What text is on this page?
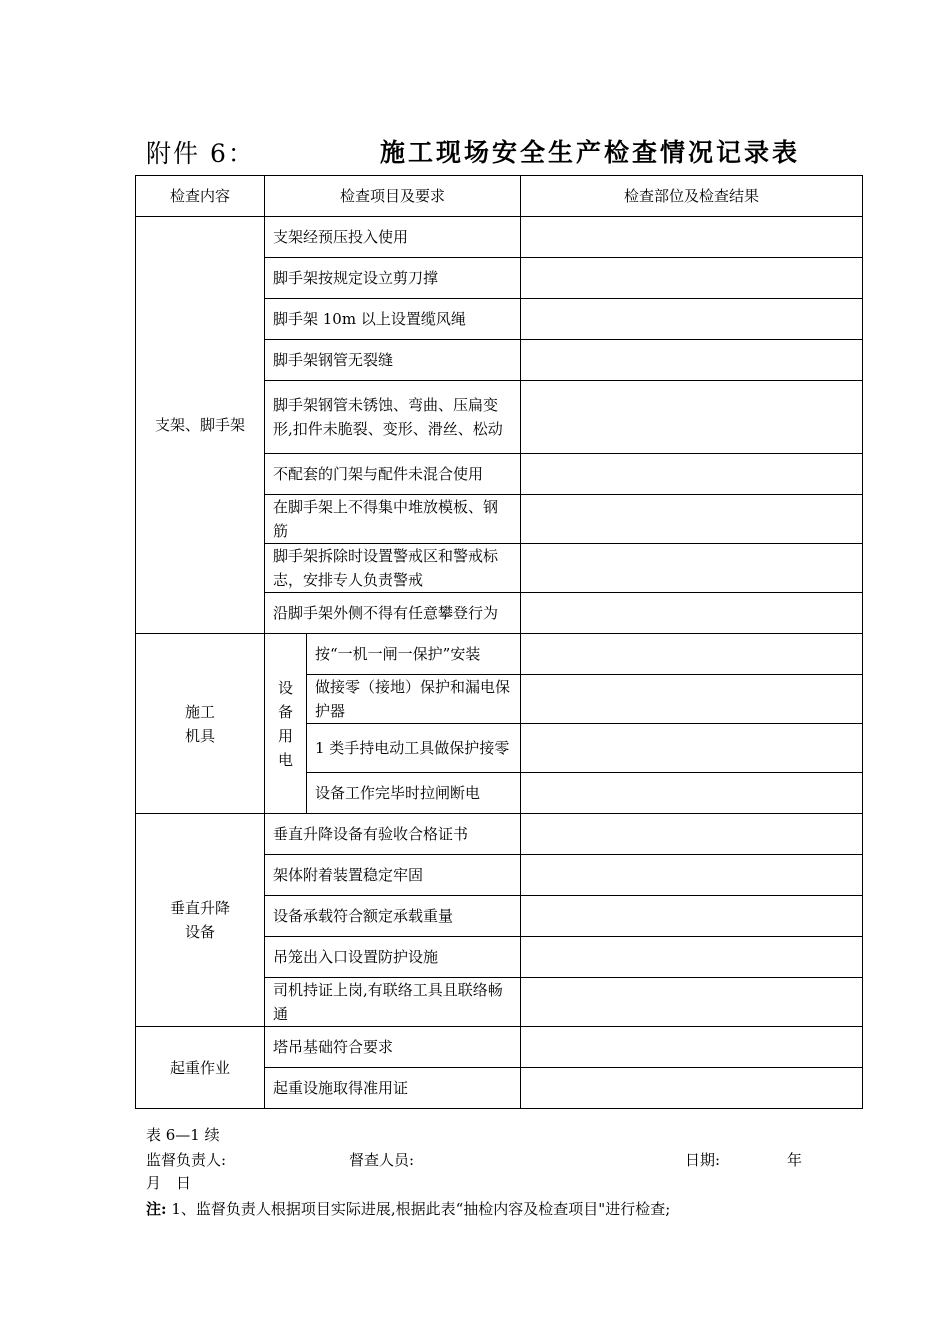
附件 6：	施工现场安全生产检查情况记录表
检查内容	检查项目及要求		检查部位及检查结果
支架、脚手架	支架经预压投入使用		
	脚手架按规定设立剪刀撑		
	脚手架 10m 以上设置缆风绳		
	脚手架钢管无裂缝		
	脚手架钢管未锈蚀、弯曲、压扁变形,扣件未脆裂、变形、滑丝、松动		
	不配套的门架与配件未混合使用		
	在脚手架上不得集中堆放模板、钢筋		
	脚手架拆除时设置警戒区和警戒标志，安排专人负责警戒		
	沿脚手架外侧不得有任意攀登行为		

施工机具	设备用电	按“一机一闸一保护”安装	
		做接零（接地）保护和漏电保护器	
		1 类手持电动工具做保护接零	
		设备工作完毕时拉闸断电	

垂直升降设备	垂直升降设备有验收合格证书		
	架体附着装置稳定牢固		
	设备承载符合额定承载重量		
	吊笼出入口设置防护设施		
	司机持证上岗,有联络工具且联络畅通		
起重作业	塔吊基础符合要求		
	起重设施取得准用证		
表 6—1 续
监督负责人:	督查人员:	日期:	年
月　日
注: 1、监督负责人根据项目实际进展,根据此表“抽检内容及检查项目"进行检查;
